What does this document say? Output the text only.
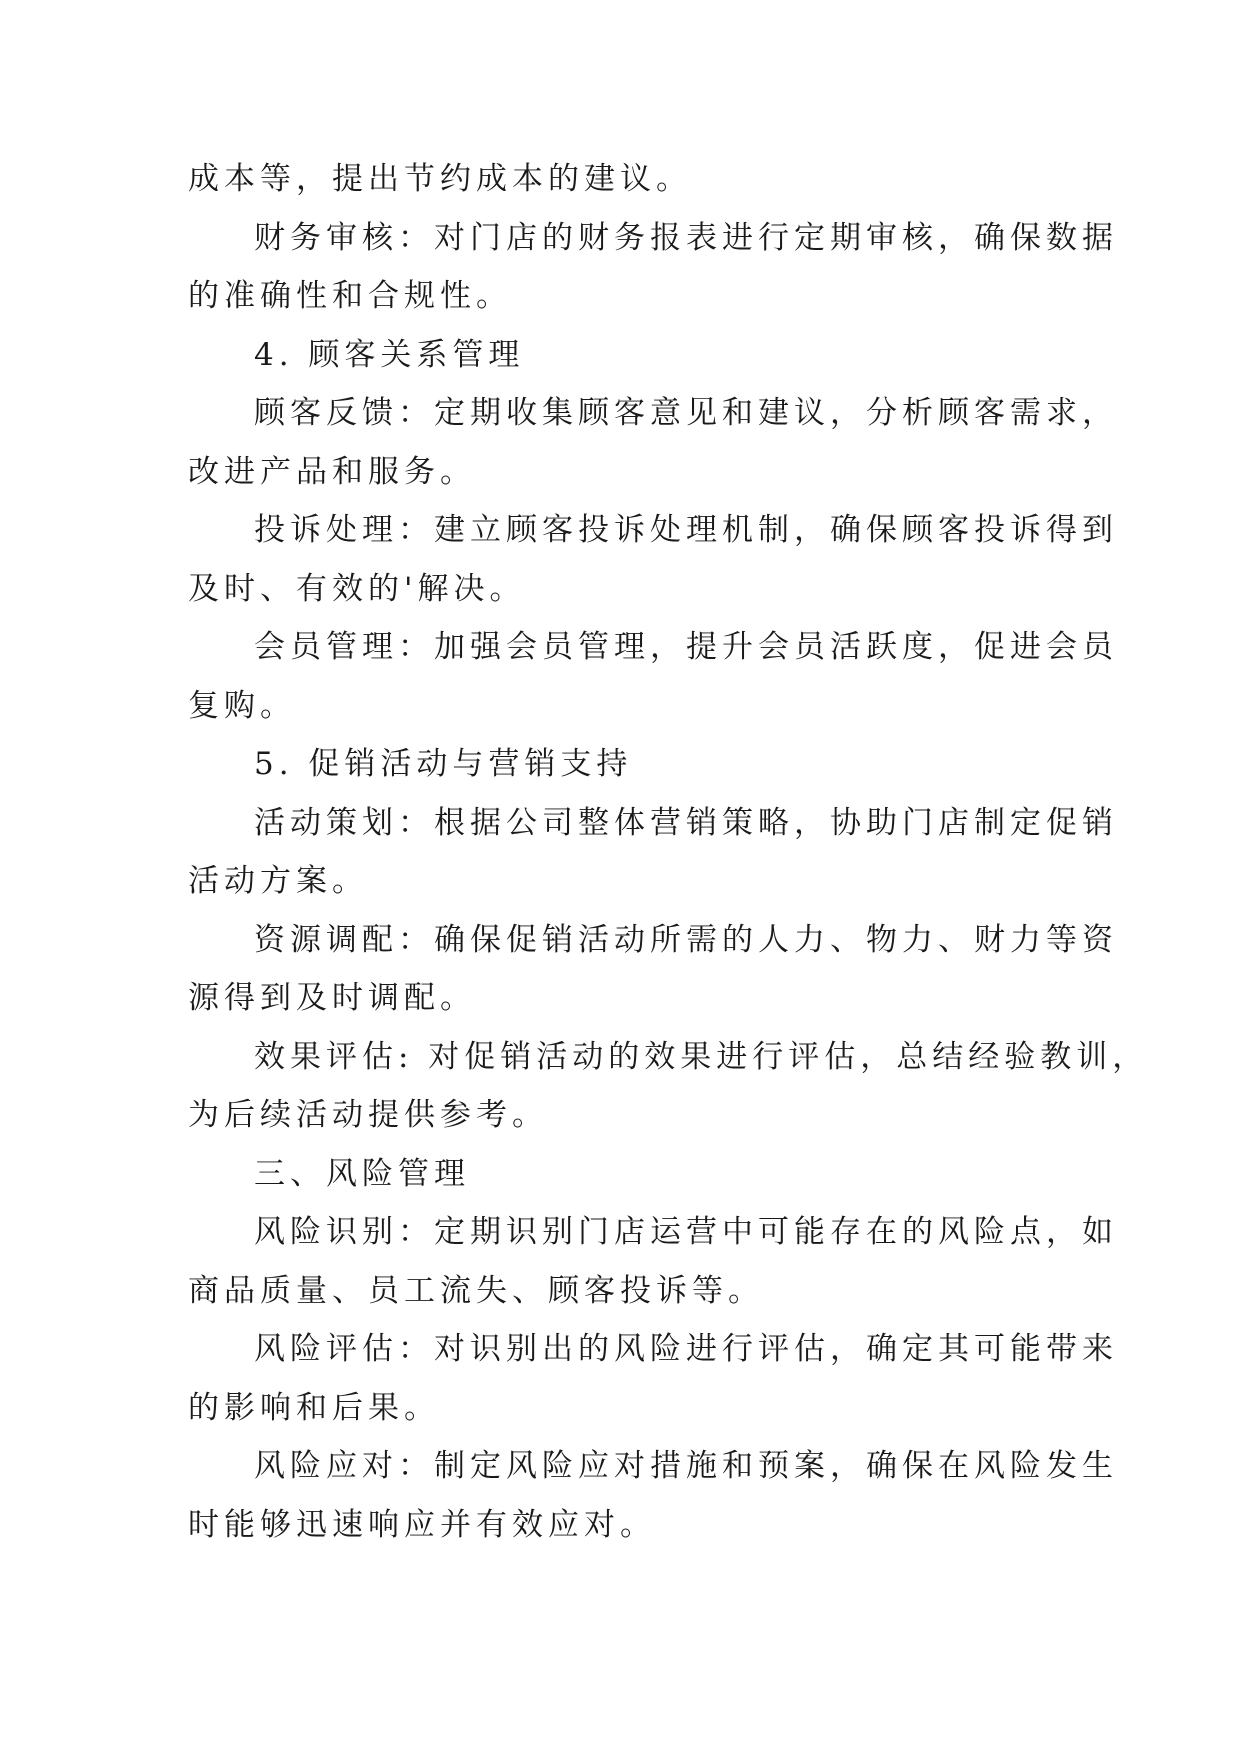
成本等，提出节约成本的建议。
财务审核：对门店的财务报表进行定期审核，确保数据
的准确性和合规性。
4. 顾客关系管理
顾客反馈：定期收集顾客意见和建议，分析顾客需求，
改进产品和服务。
投诉处理：建立顾客投诉处理机制，确保顾客投诉得到
及时、有效的'解决。
会员管理：加强会员管理，提升会员活跃度，促进会员
复购。
5. 促销活动与营销支持
活动策划：根据公司整体营销策略，协助门店制定促销
活动方案。
资源调配：确保促销活动所需的人力、物力、财力等资
源得到及时调配。
效果评估: 对促销活动的效果进行评估，总结经验教训，
为后续活动提供参考。
三、风险管理
风险识别：定期识别门店运营中可能存在的风险点，如
商品质量、员工流失、顾客投诉等。
风险评估：对识别出的风险进行评估，确定其可能带来
的影响和后果。
风险应对：制定风险应对措施和预案，确保在风险发生
时能够迅速响应并有效应对。
